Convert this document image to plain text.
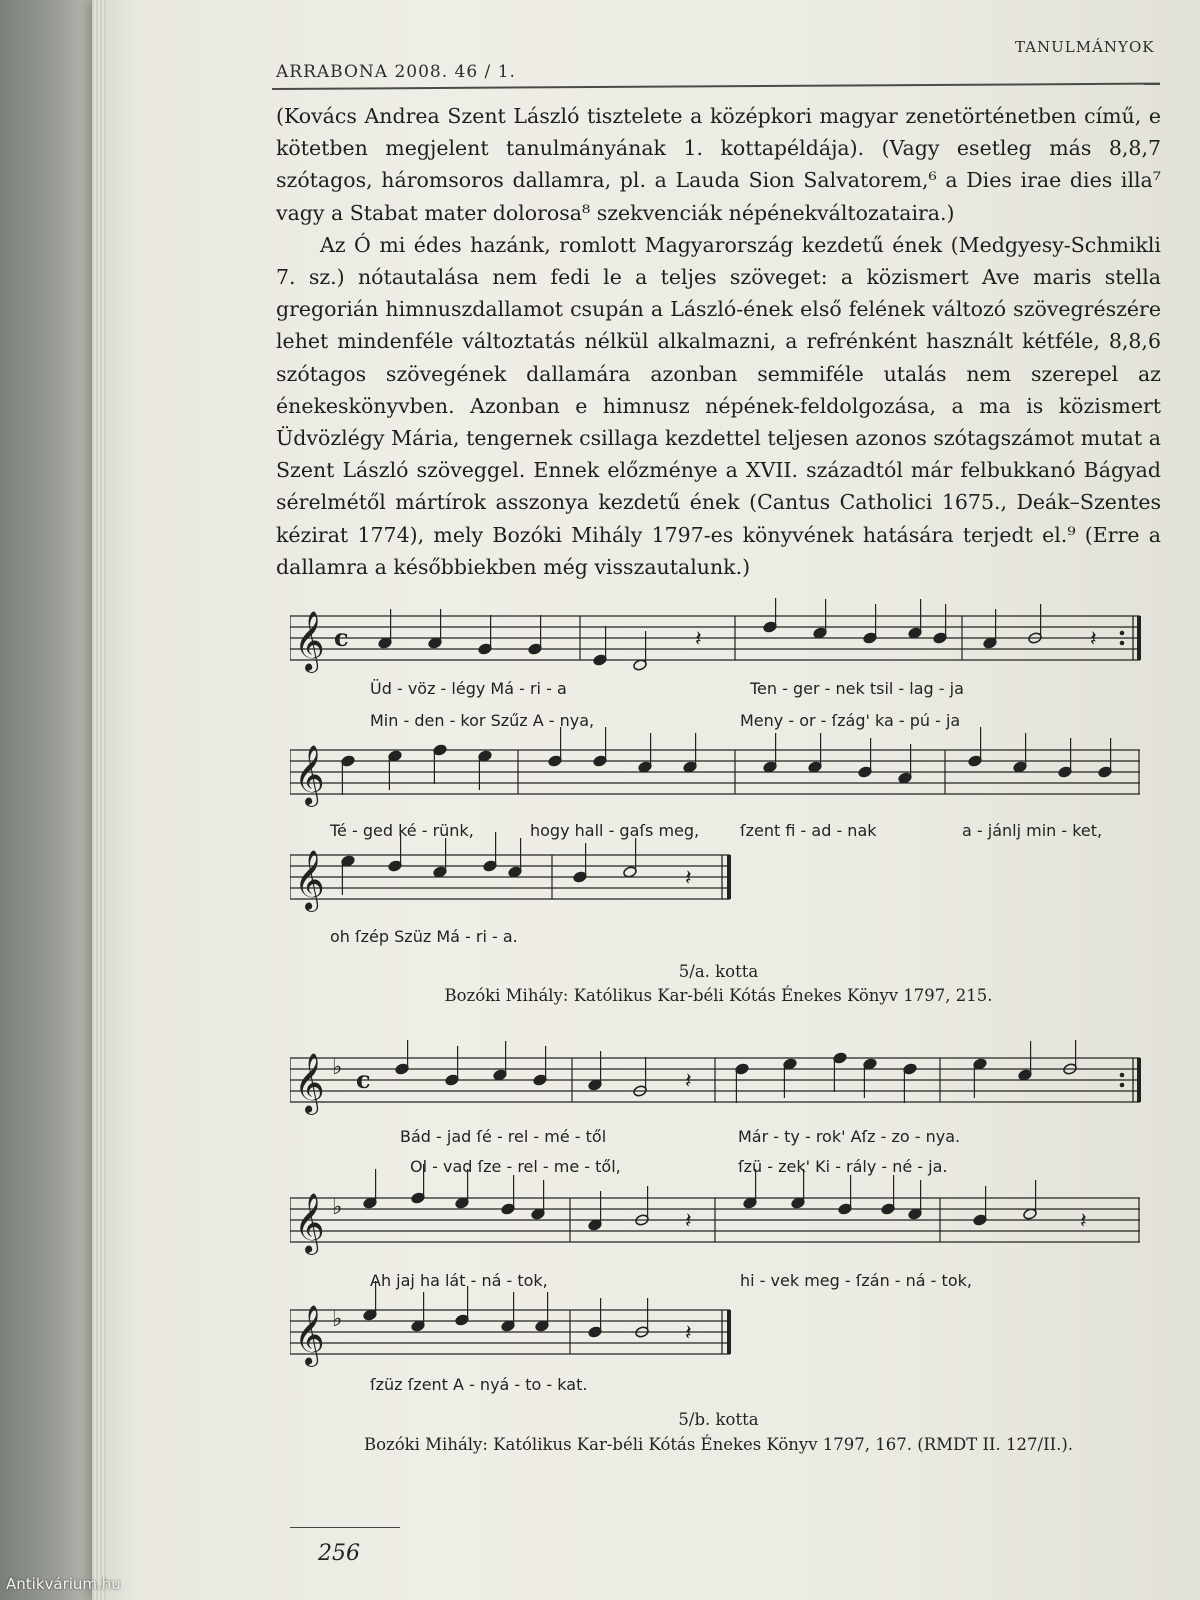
TANULMÁNYOK
ARRABONA 2008. 46 / 1.

(Kovács Andrea Szent László tisztelete a középkori magyar zenetörténetben című, e kötetben megjelent tanulmányának 1. kottapéldája). (Vagy esetleg más 8,8,7 szótagos, háromsoros dallamra, pl. a Lauda Sion Salvatorem,⁶ a Dies irae dies illa⁷ vagy a Stabat mater dolorosa⁸ szekvenciák népénekváltozataira.)

Az Ó mi édes hazánk, romlott Magyarország kezdetű ének (Medgyesy-Schmikli 7. sz.) nótautalása nem fedi le a teljes szöveget: a közismert Ave maris stella gregorián himnuszdallamot csupán a László-ének első felének változó szövegrészére lehet mindenféle változtatás nélkül alkalmazni, a refrénként használt kétféle, 8,8,6 szótagos szövegének dallamára azonban semmiféle utalás nem szerepel az énekeskönyvben. Azonban e himnusz népének-feldolgozása, a ma is közismert Üdvözlégy Mária, tengernek csillaga kezdettel teljesen azonos szótagszámot mutat a Szent László szöveggel. Ennek előzménye a XVII. századtól már felbukkanó Bágyad sérelmétől mártírok asszonya kezdetű ének (Cantus Catholici 1675., Deák–Szentes kézirat 1774), mely Bozóki Mihály 1797-es könyvének hatására terjedt el.⁹ (Erre a dallamra a későbbiekben még visszautalunk.)

𝄞
𝄞
𝄞
c	𝄽	𝄽
𝄽
Üd - vöz - légy Má - ri - a	Ten - ger - nek tsil - lag - ja
Min - den - kor Szűz A - nya,	Meny - or - ſzág' ka - pú - ja
Té - ged ké - rünk,	hogy hall - gaſs meg,	ſzent fi - ad - nak	a - jánlj min - ket,
oh ſzép Szüz Má - ri - a.
5/a. kotta
Bozóki Mihály: Katólikus Kar-béli Kótás Énekes Könyv 1797, 215.
𝄞
𝄞
𝄞
♭
♭
♭
c	𝄽
𝄽	𝄽
𝄽
Bád - jad ſé - rel - mé - től	Már - ty - rok' Aſz - zo - nya.
Ol - vad ſze - rel - me - től,	ſzü - zek' Ki - rály - né - ja.
Ah jaj ha lát - ná - tok,	hi - vek meg - ſzán - ná - tok,
ſzüz ſzent A - nyá - to - kat.
5/b. kotta
Bozóki Mihály: Katólikus Kar-béli Kótás Énekes Könyv 1797, 167. (RMDT II. 127/II.).
256
Antikvárium.hu
